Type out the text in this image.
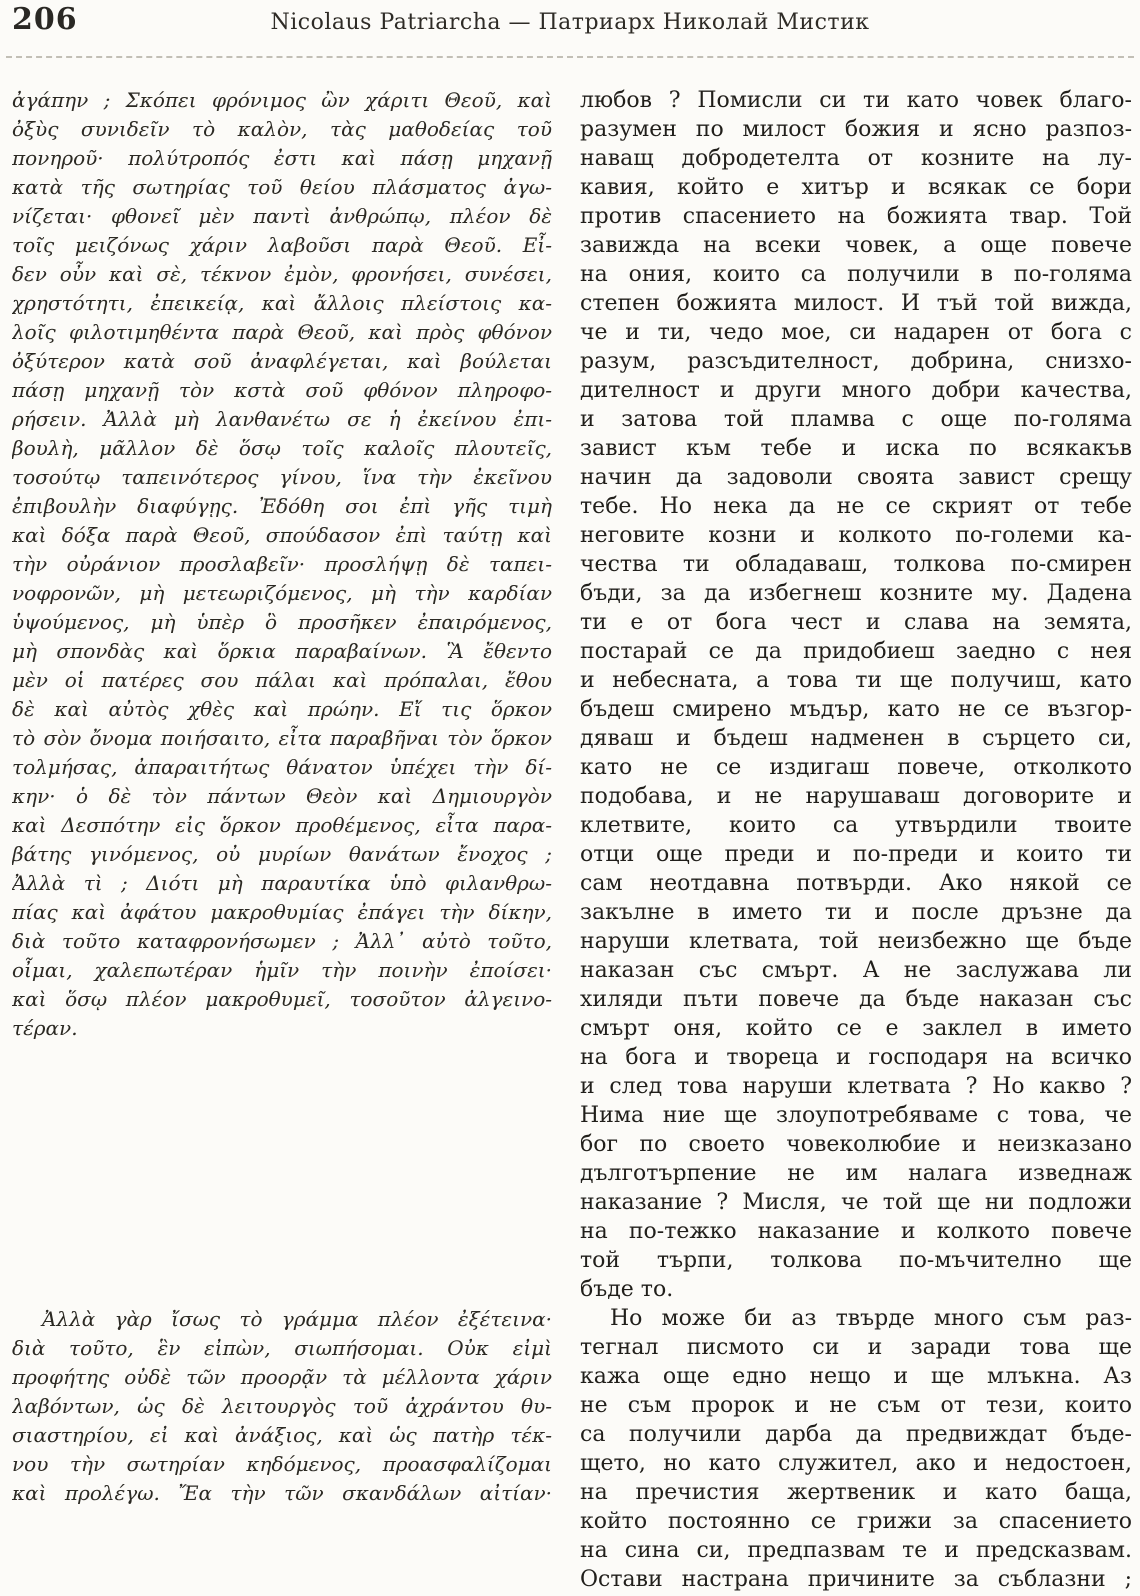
206	Nicolaus Patriarcha — Патриарх Николай Мистик
ἀγάπην ; Σκόπει φρόνιμος ὢν χάριτι Θεοῦ, καὶ
ὀξὺς συνιδεῖν τὸ καλὸν, τὰς μαθοδείας τοῦ
πονηροῦ· πολύτροπός ἐστι καὶ πάσῃ μηχανῇ
κατὰ τῆς σωτηρίας τοῦ θείου πλάσματος ἀγω-
νίζεται· φθονεῖ μὲν παντὶ ἀνθρώπῳ, πλέον δὲ
τοῖς μειζόνως χάριν λαβοῦσι παρὰ Θεοῦ. Εἶ-
δεν οὖν καὶ σὲ, τέκνον ἐμὸν, φρονήσει, συνέσει,
χρηστότητι, ἐπεικείᾳ, καὶ ἄλλοις πλείστοις κα-
λοῖς φιλοτιμηθέντα παρὰ Θεοῦ, καὶ πρὸς φθόνον
ὀξύτερον κατὰ σοῦ ἀναφλέγεται, καὶ βούλεται
πάσῃ μηχανῇ τὸν κστὰ σοῦ φθόνον πληροφο-
ρήσειν. Ἀλλὰ μὴ λανθανέτω σε ἡ ἐκείνου ἐπι-
βουλὴ, μᾶλλον δὲ ὅσῳ τοῖς καλοῖς πλουτεῖς,
τοσούτῳ ταπεινότερος γίνου, ἵνα τὴν ἐκεῖνου
ἐπιβουλὴν διαφύγῃς. Ἐδόθη σοι ἐπὶ γῆς τιμὴ
καὶ δόξα παρὰ Θεοῦ, σπούδασον ἐπὶ ταύτῃ καὶ
τὴν οὐράνιον προσλαβεῖν· προσλήψῃ δὲ ταπει-
νοφρονῶν, μὴ μετεωριζόμενος, μὴ τὴν καρδίαν
ὑψούμενος, μὴ ὑπὲρ ὃ προσῆκεν ἐπαιρόμενος,
μὴ σπονδὰς καὶ ὅρκια παραβαίνων. Ἃ ἔθεντο
μὲν οἱ πατέρες σου πάλαι καὶ πρόπαλαι, ἔθου
δὲ καὶ αὐτὸς χθὲς καὶ πρώην. Εἴ τις ὅρκον
τὸ σὸν ὄνομα ποιήσαιτο, εἶτα παραβῆναι τὸν ὅρκον
τολμήσας, ἀπαραιτήτως θάνατον ὑπέχει τὴν δί-
κην· ὁ δὲ τὸν πάντων Θεὸν καὶ Δημιουργὸν
καὶ Δεσπότην εἰς ὅρκον προθέμενος, εἶτα παρα-
βάτης γινόμενος, οὐ μυρίων θανάτων ἔνοχος ;
Ἀλλὰ τὶ ; Διότι μὴ παραυτίκα ὑπὸ φιλανθρω-
πίας καὶ ἀφάτου μακροθυμίας ἐπάγει τὴν δίκην,
διὰ τοῦτο καταφρονήσωμεν ; Ἀλλ᾽ αὐτὸ τοῦτο,
οἶμαι, χαλεπωτέραν ἡμῖν τὴν ποινὴν ἐποίσει·
καὶ ὅσῳ πλέον μακροθυμεῖ, τοσοῦτον ἀλγεινο-
τέραν.
Ἀλλὰ γὰρ ἴσως τὸ γράμμα πλέον ἐξέτεινα·
διὰ τοῦτο, ἓν εἰπὼν, σιωπήσομαι. Οὐκ εἰμὶ
προφήτης οὐδὲ τῶν προορᾷν τὰ μέλλοντα χάριν
λαβόντων, ὡς δὲ λειτουργὸς τοῦ ἀχράντου θυ-
σιαστηρίου, εἰ καὶ ἀνάξιος, καὶ ὡς πατὴρ τέκ-
νου τὴν σωτηρίαν κηδόμενος, προασφαλίζομαι
καὶ προλέγω. Ἔα τὴν τῶν σκανδάλων αἰτίαν·
любов ? Помисли си ти като човек благо-
разумен по милост божия и ясно разпоз-
наващ добродетелта от козните на лу-
кавия, който е хитър и всякак се бори
против спасението на божията твар. Той
завижда на всеки човек, а още повече
на ония, които са получили в по-голяма
степен божията милост. И тъй той вижда,
че и ти, чедо мое, си надарен от бога с
разум, разсъдителност, добрина, снизхо-
дителност и други много добри качества,
и затова той пламва с още по-голяма
завист към тебе и иска по всякакъв
начин да задоволи своята завист срещу
тебе. Но нека да не се скрият от тебе
неговите козни и колкото по-големи ка-
чества ти обладаваш, толкова по-смирен
бъди, за да избегнеш козните му. Дадена
ти е от бога чест и слава на земята,
постарай се да придобиеш заедно с нея
и небесната, а това ти ще получиш, като
бъдеш смирено мъдър, като не се възгор-
дяваш и бъдеш надменен в сърцето си,
като не се издигаш повече, отколкото
подобава, и не нарушаваш договорите и
клетвите, които са утвърдили твоите
отци още преди и по-преди и които ти
сам неотдавна потвърди. Ако някой се
закълне в името ти и после дръзне да
наруши клетвата, той неизбежно ще бъде
наказан със смърт. А не заслужава ли
хиляди пъти повече да бъде наказан със
смърт оня, който се е заклел в името
на бога и твореца и господаря на всичко
и след това наруши клетвата ? Но какво ?
Нима ние ще злоупотребяваме с това, че
бог по своето човеколюбие и неизказано
дълготърпение не им налага изведнаж
наказание ? Мисля, че той ще ни подложи
на по-тежко наказание и колкото повече
той търпи, толкова по-мъчително ще
бъде то.
Но може би аз твърде много съм раз-
тегнал писмото си и заради това ще
кажа още едно нещо и ще млъкна. Аз
не съм пророк и не съм от тези, които
са получили дарба да предвиждат бъде-
щето, но като служител, ако и недостоен,
на пречистия жертвеник и като баща,
който постоянно се грижи за спасението
на сина си, предпазвам те и предсказвам.
Остави настрана причините за съблазни ;
